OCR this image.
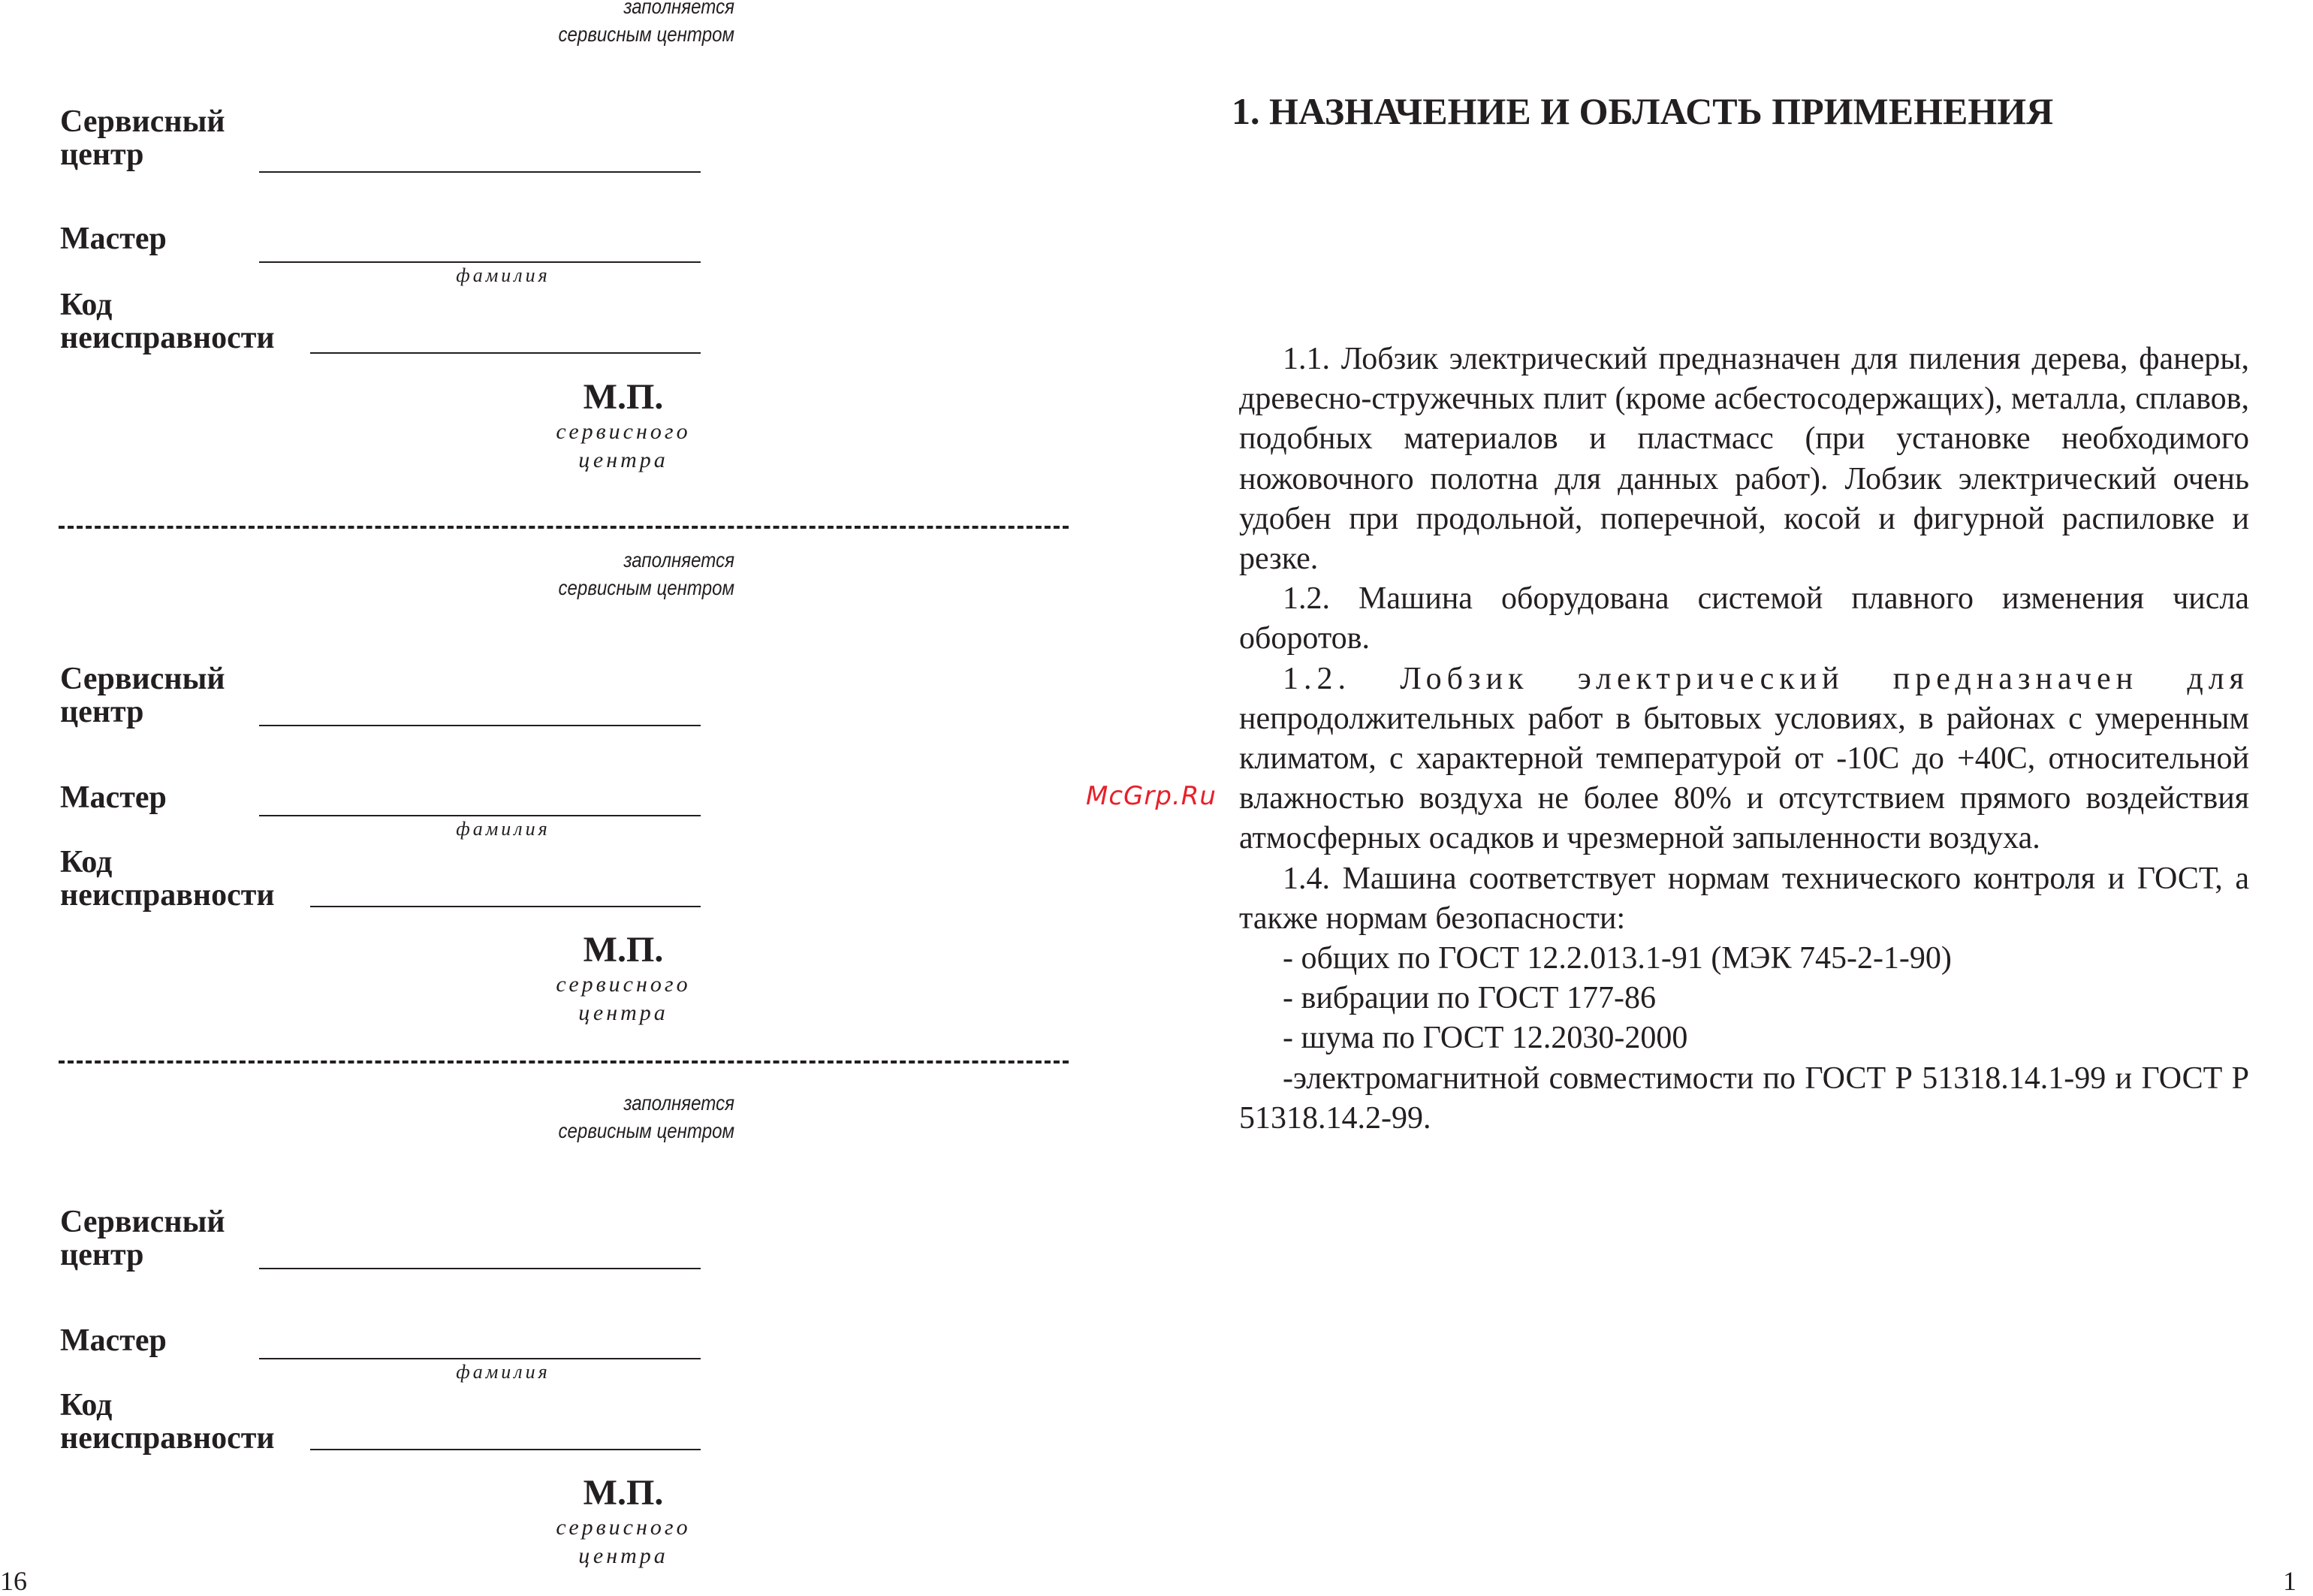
заполняется
сервисным центром
Сервисный
центр
Мастер
фамилия
Код
неисправности
М.П.
сервисного
центра
заполняется
сервисным центром
Сервисный
центр
Мастер
фамилия
Код
неисправности
М.П.
сервисного
центра
заполняется
сервисным центром
Сервисный
центр
Мастер
фамилия
Код
неисправности
М.П.
сервисного
центра
16
1. НАЗНАЧЕНИЕ И ОБЛАСТЬ ПРИМЕНЕНИЯ

1.1. Лобзик электрический предназначен для пиления дерева, фанеры, древесно-стружечных плит (кроме асбестосодержащих), металла, сплавов, подобных материалов и пластмасс (при установке необходимого ножовочного полотна для данных работ). Лобзик электрический очень удобен при продольной, поперечной, косой и фигурной распиловке и резке.

1.2. Машина оборудована системой плавного изменения числа оборотов.

1.2. Лобзик электрический предназначен для

непродолжительных работ в бытовых условиях, в районах с умеренным климатом, с характерной температурой от -10С до +40С, относительной влажностью воздуха не более 80% и отсутствием прямого воздействия атмосферных осадков и чрезмерной запыленности воздуха.

1.4. Машина соответствует нормам технического контроля и ГОСТ, а также нормам безопасности:

- общих по ГОСТ 12.2.013.1-91 (МЭК 745-2-1-90)

- вибрации по ГОСТ 177-86

- шума по ГОСТ 12.2030-2000

-электромагнитной совместимости по ГОСТ Р 51318.14.1-99 и ГОСТ Р 51318.14.2-99.

1
McGrp.Ru
